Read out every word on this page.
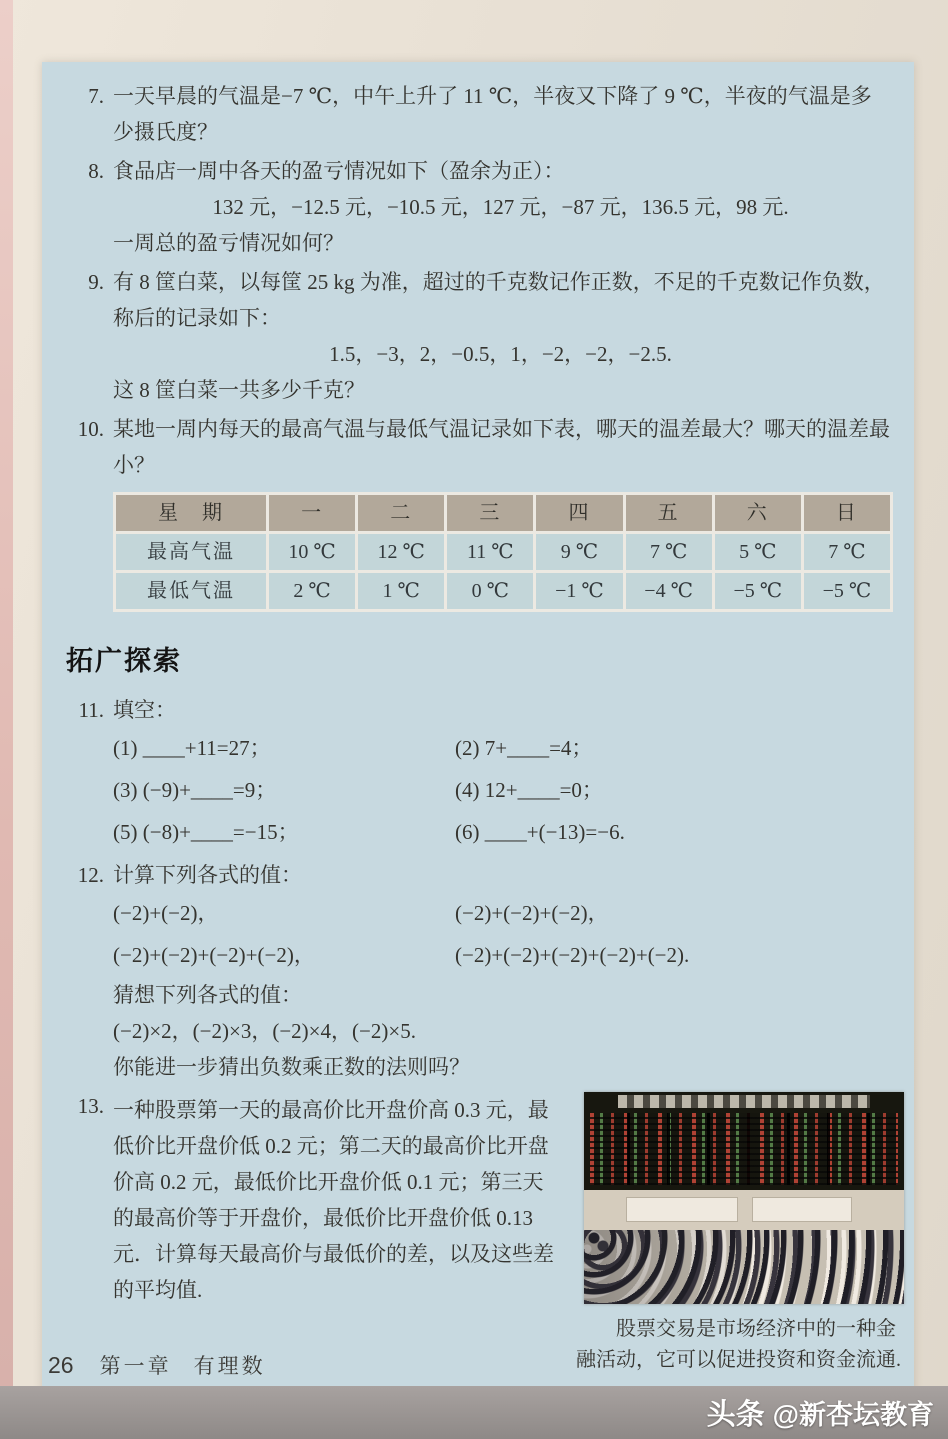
7. 一天早晨的气温是−7 ℃，中午上升了 11 ℃，半夜又下降了 9 ℃，半夜的气温是多少摄氏度？

8. 食品店一周中各天的盈亏情况如下（盈余为正）：

132 元，−12.5 元，−10.5 元，127 元，−87 元，136.5 元，98 元.

一周总的盈亏情况如何？

9. 有 8 筐白菜，以每筐 25 kg 为准，超过的千克数记作正数，不足的千克数记作负数，称后的记录如下：

1.5，−3，2，−0.5，1，−2，−2，−2.5.

这 8 筐白菜一共多少千克？

10. 某地一周内每天的最高气温与最低气温记录如下表，哪天的温差最大？哪天的温差最小？

星　期	一	二	三	四	五	六	日
最高气温	10 ℃	12 ℃	11 ℃	9 ℃	7 ℃	5 ℃	7 ℃
最低气温	2 ℃	1 ℃	0 ℃	−1 ℃	−4 ℃	−5 ℃	−5 ℃
拓广探索
11. 填空：

(1) ____+11=27；	(2) 7+____=4；
(3) (−9)+____=9；	(4) 12+____=0；
(5) (−8)+____=−15；	(6) ____+(−13)=−6.
12. 计算下列各式的值：

(−2)+(−2)，	(−2)+(−2)+(−2)，
(−2)+(−2)+(−2)+(−2)，	(−2)+(−2)+(−2)+(−2)+(−2).

猜想下列各式的值：

(−2)×2，(−2)×3，(−2)×4，(−2)×5.

你能进一步猜出负数乘正数的法则吗？

13. 一种股票第一天的最高价比开盘价高 0.3 元，最低价比开盘价低 0.2 元；第二天的最高价比开盘价高 0.2 元，最低价比开盘价低 0.1 元；第三天的最高价等于开盘价，最低价比开盘价低 0.13 元．计算每天最高价与最低价的差，以及这些差的平均值.

股票交易是市场经济中的一种金融活动，它可以促进投资和资金流通.

26 第一章 有理数
头条 @新杏坛教育
